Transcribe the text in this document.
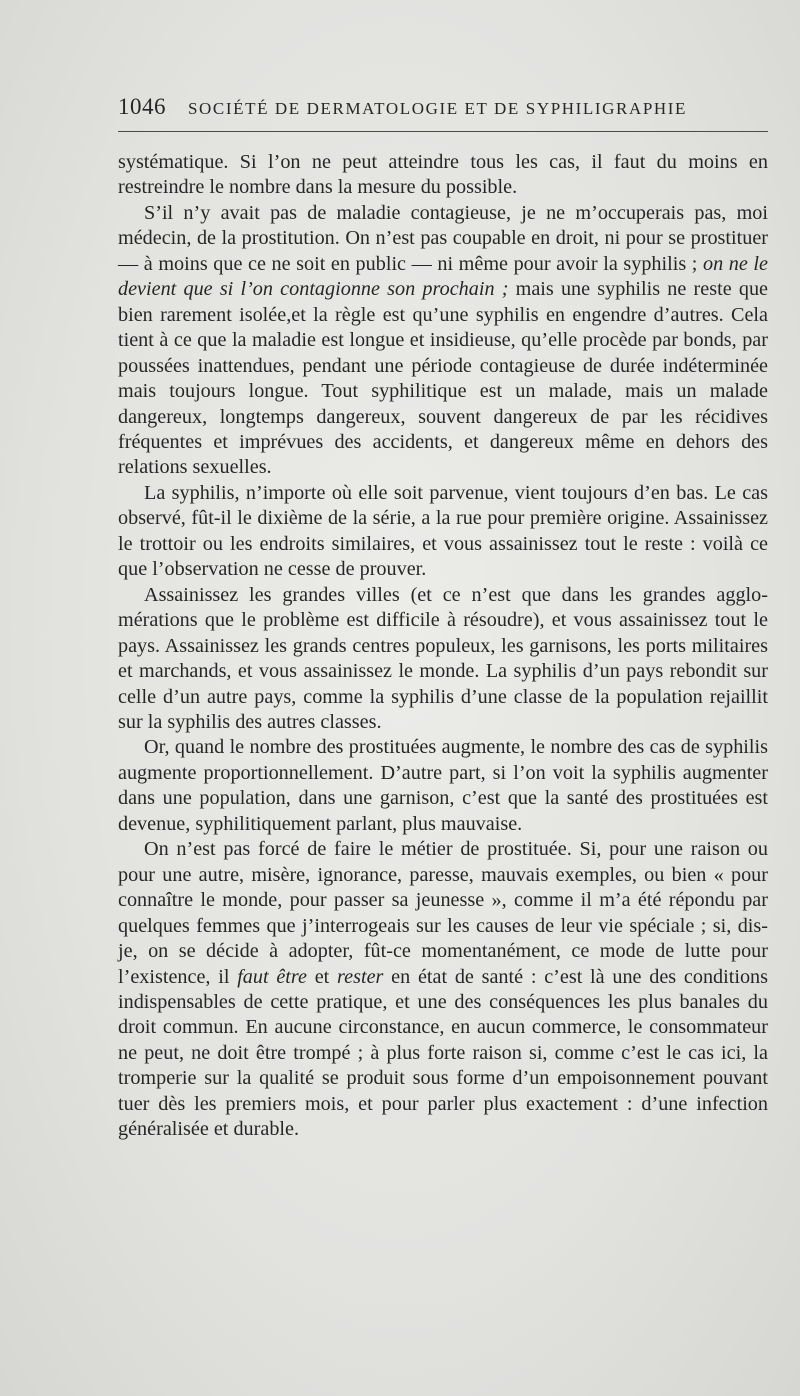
1046 SOCIÉTÉ DE DERMATOLOGIE ET DE SYPHILIGRAPHIE

systématique. Si l’on ne peut atteindre tous les cas, il faut du moins en restreindre le nombre dans la mesure du possible.

S’il n’y avait pas de maladie contagieuse, je ne m’occuperais pas, moi médecin, de la prostitution. On n’est pas coupable en droit, ni pour se prostituer — à moins que ce ne soit en public — ni même pour avoir la syphilis ; on ne le devient que si l’on contagionne son prochain ; mais une syphilis ne reste que bien rarement isolée,et la règle est qu’une syphilis en engendre d’autres. Cela tient à ce que la maladie est longue et insidieuse, qu’elle procède par bonds, par poussées inattendues, pendant une période contagieuse de durée indéterminée mais toujours longue. Tout syphilitique est un malade, mais un malade dangereux, longtemps dangereux, souvent dangereux de par les récidives fréquentes et imprévues des accidents, et dangereux même en dehors des relations sexuelles.

La syphilis, n’importe où elle soit parvenue, vient toujours d’en bas. Le cas observé, fût-il le dixième de la série, a la rue pour première origine. Assainissez le trottoir ou les endroits similaires, et vous assainissez tout le reste : voilà ce que l’observation ne cesse de prouver.

Assainissez les grandes villes (et ce n’est que dans les grandes agglomérations que le problème est difficile à résoudre), et vous assainissez tout le pays. Assainissez les grands centres populeux, les garnisons, les ports militaires et marchands, et vous assainissez le monde. La syphilis d’un pays rebondit sur celle d’un autre pays, comme la syphilis d’une classe de la population rejaillit sur la syphilis des autres classes.

Or, quand le nombre des prostituées augmente, le nombre des cas de syphilis augmente proportionnellement. D’autre part, si l’on voit la syphilis augmenter dans une population, dans une garnison, c’est que la santé des prostituées est devenue, syphilitiquement parlant, plus mauvaise.

On n’est pas forcé de faire le métier de prostituée. Si, pour une raison ou pour une autre, misère, ignorance, paresse, mauvais exemples, ou bien « pour connaître le monde, pour passer sa jeunesse », comme il m’a été répondu par quelques femmes que j’interrogeais sur les causes de leur vie spéciale ; si, dis-je, on se décide à adopter, fût-ce momentanément, ce mode de lutte pour l’existence, il faut être et rester en état de santé : c’est là une des conditions indispensables de cette pratique, et une des conséquences les plus banales du droit commun. En aucune circonstance, en aucun commerce, le consommateur ne peut, ne doit être trompé ; à plus forte raison si, comme c’est le cas ici, la tromperie sur la qualité se produit sous forme d’un empoisonnement pouvant tuer dès les premiers mois, et pour parler plus exactement : d’une infection généralisée et durable.
